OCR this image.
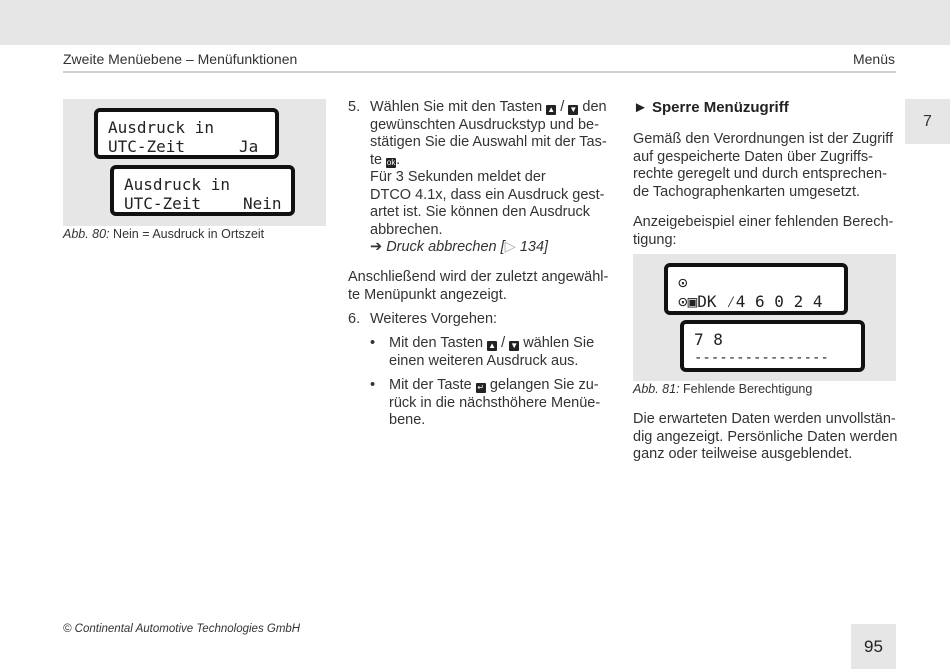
Zweite Menüebene – Menüfunktionen	Menüs
7
Ausdruck in
UTC-Zeit	Ja
Ausdruck in
UTC-Zeit	Nein
Abb. 80: Nein = Ausdruck in Ortszeit
5. Wählen Sie mit den Tasten ▲ / ▼ den

gewünschten Ausdruckstyp und be-

stätigen Sie die Auswahl mit der Tas-

te ok.

Für 3 Sekunden meldet der

DTCO 4.1x, dass ein Ausdruck gest-

artet ist. Sie können den Ausdruck

abbrechen.

➔ Druck abbrechen [▷ 134]

Anschließend wird der zuletzt angewähl-

te Menüpunkt angezeigt.

6. Weiteres Vorgehen:
• Mit den Tasten ▲ / ▼ wählen Sie

einen weiteren Ausdruck aus.

• Mit der Taste ↵ gelangen Sie zu-

rück in die nächsthöhere Menüe-

bene.

► Sperre Menüzugriff

Gemäß den Verordnungen ist der Zugriff

auf gespeicherte Daten über Zugriffs-

rechte geregelt und durch entsprechen-

de Tachographenkarten umgesetzt.

Anzeigebeispiel einer fehlenden Berech-

tigung:

⊙
⊙▣DK ⁄4 6 0 2 4
7 8
----------------
Abb. 81: Fehlende Berechtigung

Die erwarteten Daten werden unvollstän-

dig angezeigt. Persönliche Daten werden

ganz oder teilweise ausgeblendet.

© Continental Automotive Technologies GmbH
95
